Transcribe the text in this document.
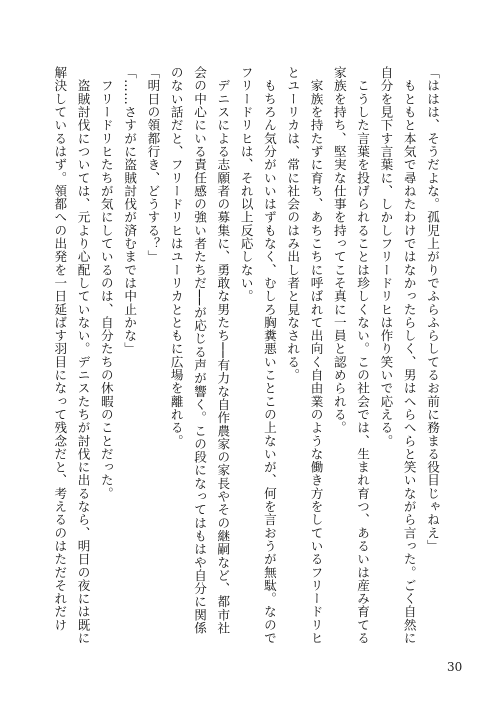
「ははは、そうだよな。孤児上がりでふらふらしてるお前に務まる役目じゃねえ」
　もともと本気で尋ねたわけではなかったらしく、男はへらへらと笑いながら言った。ごく自然に
自分を見下す言葉に、しかしフリードリヒは作り笑いで応える。
　こうした言葉を投げられることは珍しくない。この社会では、生まれ育つ、あるいは産み育てる
家族を持ち、堅実な仕事を持ってこそ真に一員と認められる。
　家族を持たずに育ち、あちこちに呼ばれて出向く自由業のような働き方をしているフリードリヒ
とユーリカは、常に社会のはみ出し者と見なされる。
　もちろん気分がいいはずもなく、むしろ胸糞悪いことこの上ないが、何を言おうが無駄。なので
フリードリヒは、それ以上反応しない。
　デニスによる志願者の募集に、勇敢な男たち──有力な自作農家の家長やその継嗣など、都市社
会の中心にいる責任感の強い者たちだ──が応じる声が響く。この段になってはもはや自分に関係
のない話だと、フリードリヒはユーリカとともに広場を離れる。
「明日の領都行き、どうする？」
「……さすがに盗賊討伐が済むまでは中止かな」
　フリードリヒたちが気にしているのは、自分たちの休暇のことだった。
　盗賊討伐については、元より心配していない。デニスたちが討伐に出るなら、明日の夜には既に
解決しているはず。領都への出発を一日延ばす羽目になって残念だと、考えるのはただそれだけ
30
